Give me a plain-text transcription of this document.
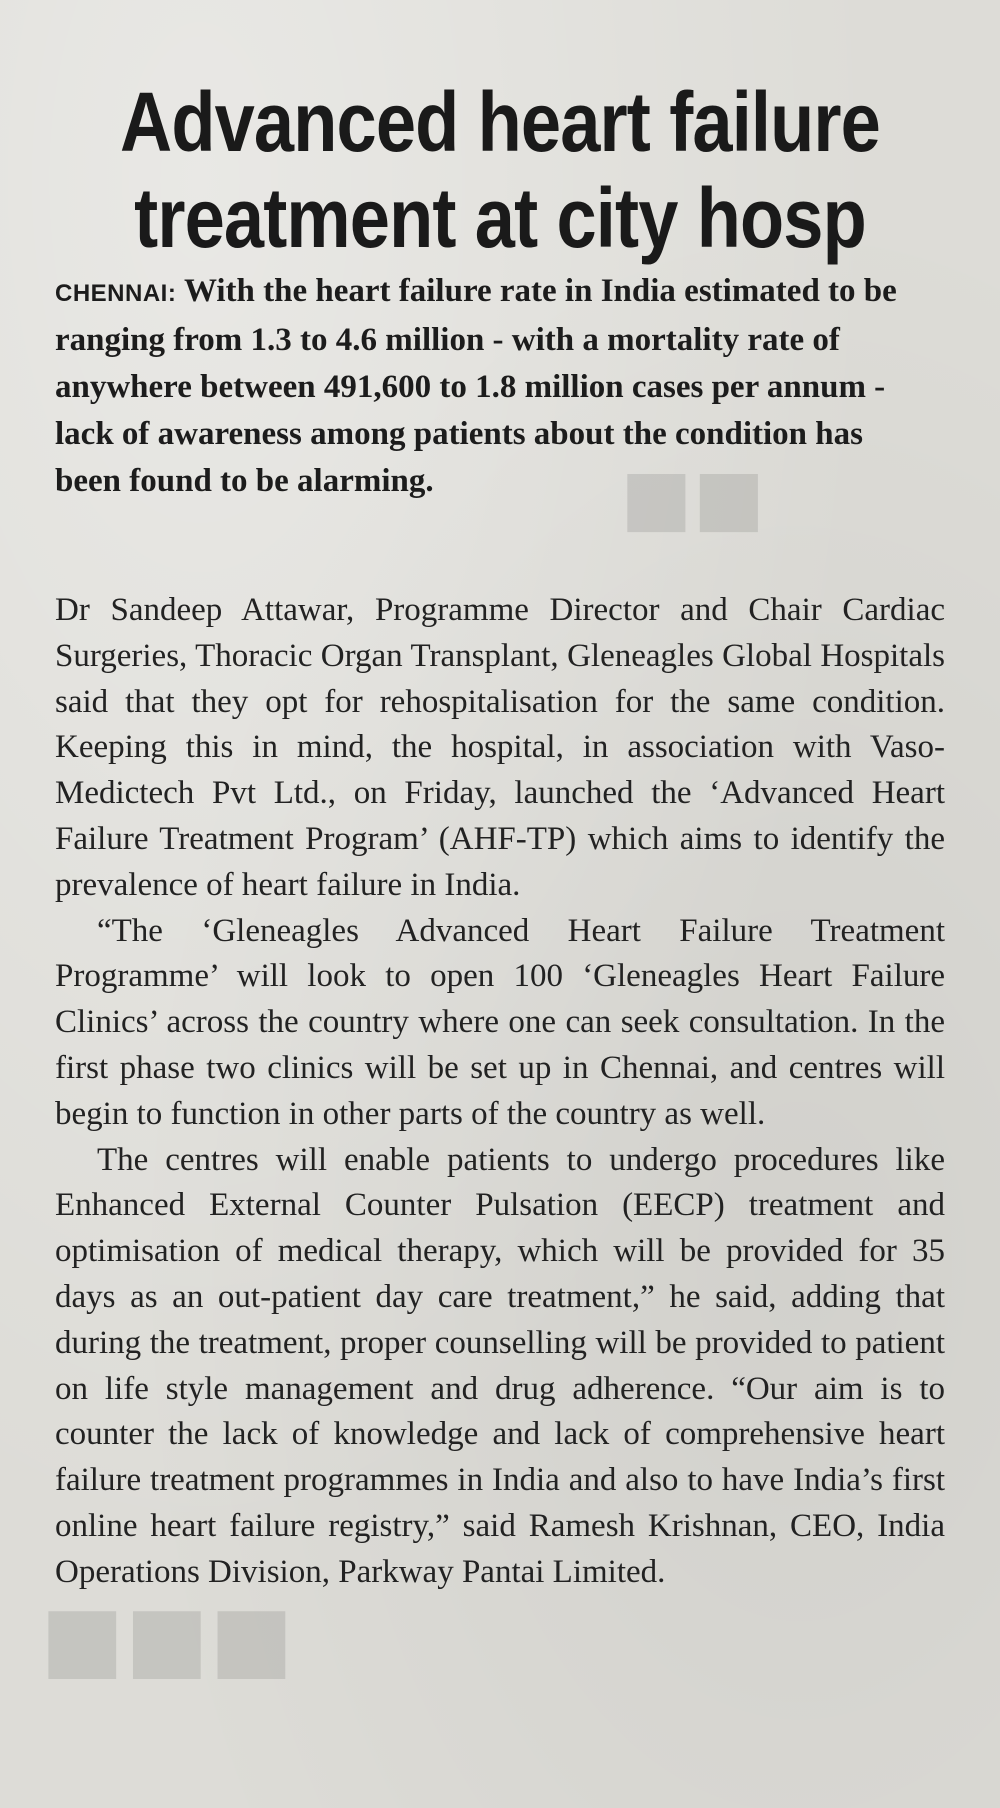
Advanced heart failure
treatment at city hosp
CHENNAI: With the heart failure rate in India estimated to be ranging from 1.3 to 4.6 million - with a mortality rate of anywhere between 491,600 to 1.8 million cases per annum - lack of awareness among patients about the condition has been found to be alarming.

Dr Sandeep Attawar, Programme Director and Chair Cardiac Surgeries, Thoracic Organ Transplant, Gleneagles Global Hospitals said that they opt for rehospitalisation for the same condition. Keeping this in mind, the hospital, in association with Vaso-Medictech Pvt Ltd., on Friday, launched the ‘Advanced Heart Failure Treatment Program’ (AHF-TP) which aims to identify the prevalence of heart failure in India.

“The ‘Gleneagles Advanced Heart Failure Treatment Programme’ will look to open 100 ‘Gleneagles Heart Failure Clinics’ across the country where one can seek consultation. In the first phase two clinics will be set up in Chennai, and centres will begin to function in other parts of the country as well.

The centres will enable patients to undergo procedures like Enhanced External Counter Pulsation (EECP) treatment and optimisation of medical therapy, which will be provided for 35 days as an out-patient day care treatment,” he said, adding that during the treatment, proper counselling will be provided to patient on life style management and drug adherence. “Our aim is to counter the lack of knowledge and lack of comprehensive heart failure treatment programmes in India and also to have India’s first online heart failure registry,” said Ramesh Krishnan, CEO, India Operations Division, Parkway Pantai Limited.
